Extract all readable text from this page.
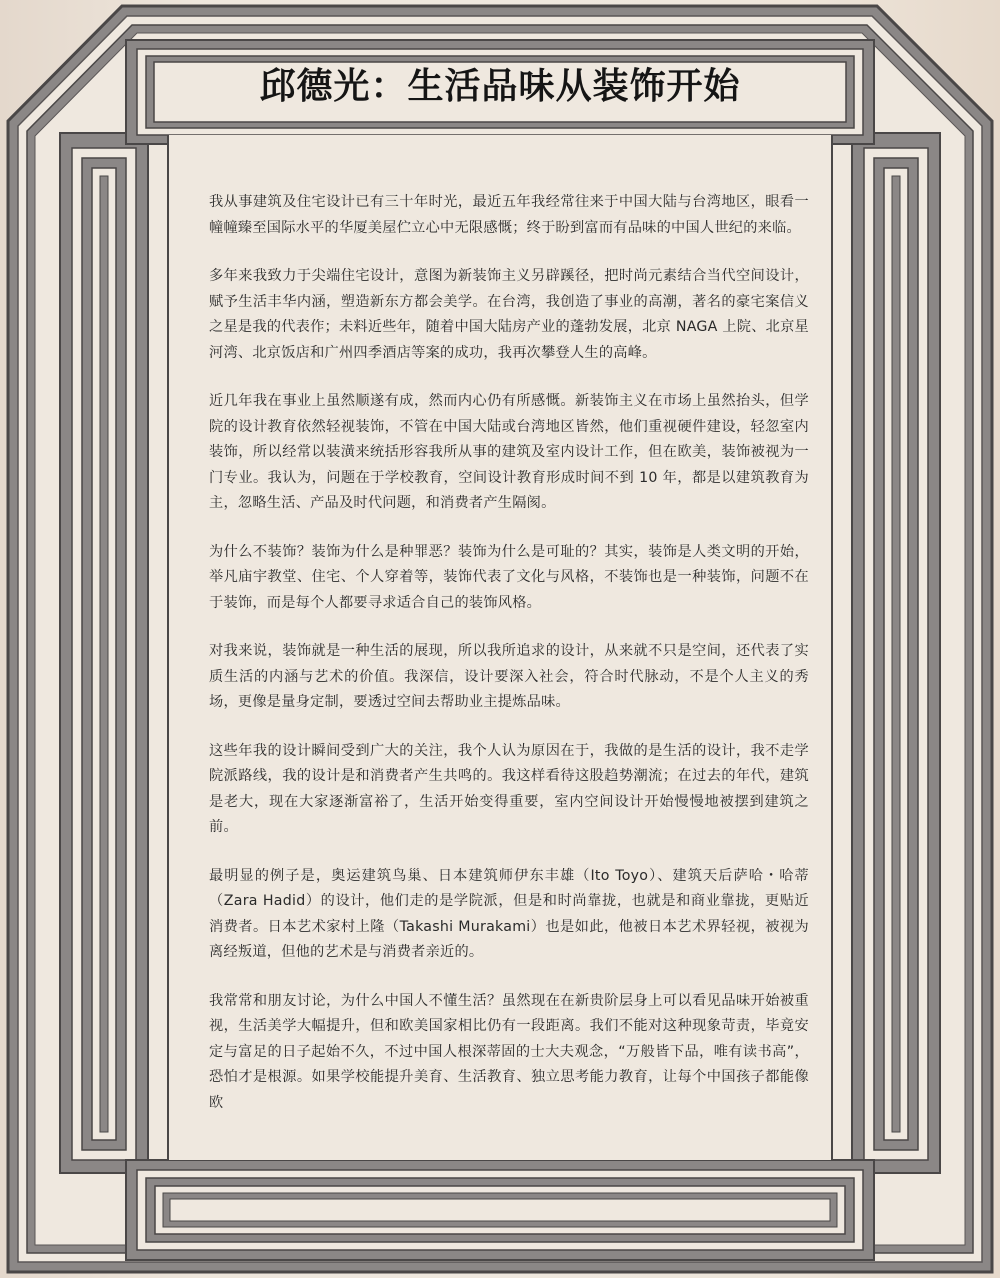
邱德光：生活品味从装饰开始

我从事建筑及住宅设计已有三十年时光，最近五年我经常往来于中国大陆与台湾地区，眼看一幢幢臻至国际水平的华厦美屋伫立心中无限感慨；终于盼到富而有品味的中国人世纪的来临。

多年来我致力于尖端住宅设计，意图为新装饰主义另辟蹊径，把时尚元素结合当代空间设计，赋予生活丰华内涵，塑造新东方都会美学。在台湾，我创造了事业的高潮，著名的豪宅案信义之星是我的代表作；未料近些年，随着中国大陆房产业的蓬勃发展，北京 NAGA 上院、北京星河湾、北京饭店和广州四季酒店等案的成功，我再次攀登人生的高峰。

近几年我在事业上虽然顺遂有成，然而内心仍有所感慨。新装饰主义在市场上虽然抬头，但学院的设计教育依然轻视装饰，不管在中国大陆或台湾地区皆然，他们重视硬件建设，轻忽室内装饰，所以经常以装潢来统括形容我所从事的建筑及室内设计工作，但在欧美，装饰被视为一门专业。我认为，问题在于学校教育，空间设计教育形成时间不到 10 年，都是以建筑教育为主，忽略生活、产品及时代问题，和消费者产生隔阂。

为什么不装饰？装饰为什么是种罪恶？装饰为什么是可耻的？其实，装饰是人类文明的开始，举凡庙宇教堂、住宅、个人穿着等，装饰代表了文化与风格，不装饰也是一种装饰，问题不在于装饰，而是每个人都要寻求适合自己的装饰风格。

对我来说，装饰就是一种生活的展现，所以我所追求的设计，从来就不只是空间，还代表了实质生活的内涵与艺术的价值。我深信，设计要深入社会，符合时代脉动，不是个人主义的秀场，更像是量身定制，要透过空间去帮助业主提炼品味。

这些年我的设计瞬间受到广大的关注，我个人认为原因在于，我做的是生活的设计，我不走学院派路线，我的设计是和消费者产生共鸣的。我这样看待这股趋势潮流；在过去的年代，建筑是老大，现在大家逐渐富裕了，生活开始变得重要，室内空间设计开始慢慢地被摆到建筑之前。

最明显的例子是，奥运建筑鸟巢、日本建筑师伊东丰雄（Ito Toyo）、建筑天后萨哈・哈蒂（Zara Hadid）的设计，他们走的是学院派，但是和时尚靠拢，也就是和商业靠拢，更贴近消费者。日本艺术家村上隆（Takashi Murakami）也是如此，他被日本艺术界轻视，被视为离经叛道，但他的艺术是与消费者亲近的。

我常常和朋友讨论，为什么中国人不懂生活？虽然现在在新贵阶层身上可以看见品味开始被重视，生活美学大幅提升，但和欧美国家相比仍有一段距离。我们不能对这种现象苛责，毕竟安定与富足的日子起始不久，不过中国人根深蒂固的士大夫观念，“万般皆下品，唯有读书高”，恐怕才是根源。如果学校能提升美育、生活教育、独立思考能力教育，让每个中国孩子都能像欧
